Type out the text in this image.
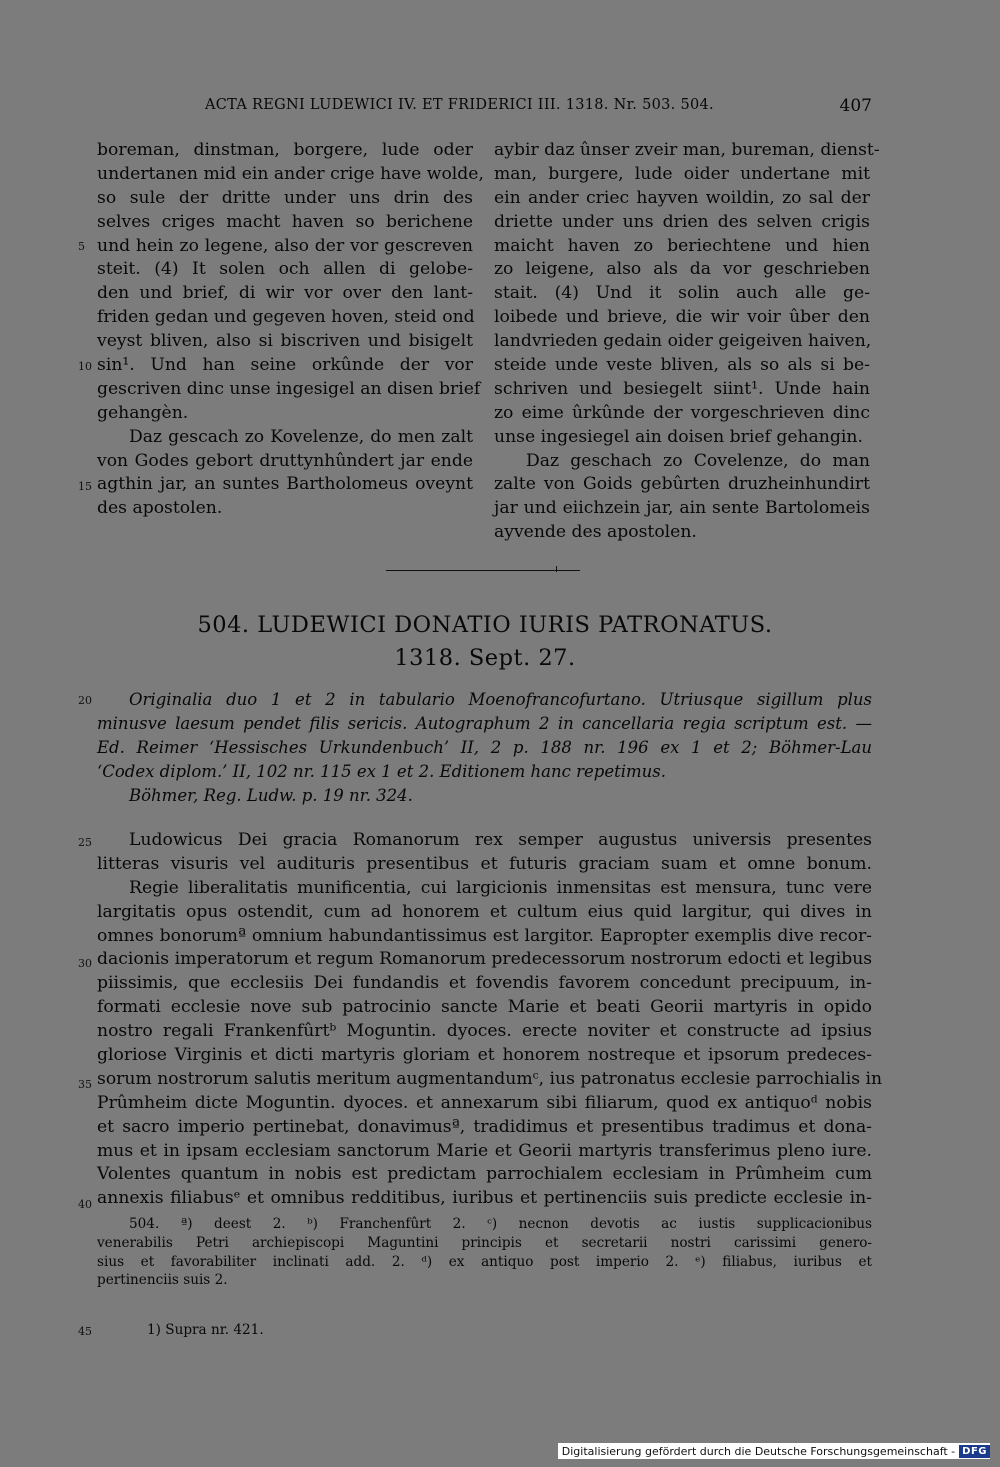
ACTA REGNI LUDEWICI IV. ET FRIDERICI III. 1318. Nr. 503. 504.	407
boreman, dinstman, borgere, lude oder
undertanen mid ein ander crige have wolde,
so sule der dritte under uns drin des
selves criges macht haven so berichene
und hein zo legene, also der vor gescreven
steit. (4) It solen och allen di gelobe-
den und brief, di wir vor over den lant-
friden gedan und gegeven hoven, steid ond
veyst bliven, also si biscriven und bisigelt
sin¹. Und han seine orkûnde der vor
gescriven dinc unse ingesigel an disen brief
gehangèn.
Daz gescach zo Kovelenze, do men zalt
von Godes gebort druttynhûndert jar ende
agthin jar, an suntes Bartholomeus oveynt
des apostolen.
aybir daz ûnser zveir man, bureman, dienst-
man, burgere, lude oider undertane mit
ein ander criec hayven woildin, zo sal der
driette under uns drien des selven crigis
maicht haven zo beriechtene und hien
zo leigene, also als da vor geschrieben
stait. (4) Und it solin auch alle ge-
loibede und brieve, die wir voir ûber den
landvrieden gedain oider geigeiven haiven,
steide unde veste bliven, als so als si be-
schriven und besiegelt siint¹. Unde hain
zo eime ûrkûnde der vorgeschrieven dinc
unse ingesiegel ain doisen brief gehangin.
Daz geschach zo Covelenze, do man
zalte von Goids gebûrten druzheinhundirt
jar und eiichzein jar, ain sente Bartolomeis
ayvende des apostolen.
5
10
15
504. LUDEWICI DONATIO IURIS PATRONATUS.
1318. Sept. 27.
Originalia duo 1 et 2 in tabulario Moenofrancofurtano. Utriusque sigillum plus
minusve laesum pendet filis sericis. Autographum 2 in cancellaria regia scriptum est. —
Ed. Reimer ‘Hessisches Urkundenbuch’ II, 2 p. 188 nr. 196 ex 1 et 2; Böhmer-Lau
‘Codex diplom.’ II, 102 nr. 115 ex 1 et 2. Editionem hanc repetimus.
Böhmer, Reg. Ludw. p. 19 nr. 324.
Ludowicus Dei gracia Romanorum rex semper augustus universis presentes
litteras visuris vel audituris presentibus et futuris graciam suam et omne bonum.
Regie liberalitatis munificentia, cui largicionis inmensitas est mensura, tunc vere
largitatis opus ostendit, cum ad honorem et cultum eius quid largitur, qui dives in
omnes bonorumª omnium habundantissimus est largitor. Eapropter exemplis dive recor-
dacionis imperatorum et regum Romanorum predecessorum nostrorum edocti et legibus
piissimis, que ecclesiis Dei fundandis et fovendis favorem concedunt precipuum, in-
formati ecclesie nove sub patrocinio sancte Marie et beati Georii martyris in opido
nostro regali Frankenfûrtᵇ Moguntin. dyoces. erecte noviter et constructe ad ipsius
gloriose Virginis et dicti martyris gloriam et honorem nostreque et ipsorum predeces-
sorum nostrorum salutis meritum augmentandumᶜ, ius patronatus ecclesie parrochialis in
Prûmheim dicte Moguntin. dyoces. et annexarum sibi filiarum, quod ex antiquoᵈ nobis
et sacro imperio pertinebat, donavimusª, tradidimus et presentibus tradimus et dona-
mus et in ipsam ecclesiam sanctorum Marie et Georii martyris transferimus pleno iure.
Volentes quantum in nobis est predictam parrochialem ecclesiam in Prûmheim cum
annexis filiabusᵉ et omnibus redditibus, iuribus et pertinenciis suis predicte ecclesie in-
20
25
30
35
40
45
504. ª) deest 2. ᵇ) Franchenfûrt 2. ᶜ) necnon devotis ac iustis supplicacionibus
venerabilis Petri archiepiscopi Maguntini principis et secretarii nostri carissimi genero-
sius et favorabiliter inclinati add. 2. ᵈ) ex antiquo post imperio 2. ᵉ) filiabus, iuribus et
pertinenciis suis 2.
1) Supra nr. 421.
Digitalisierung gefördert durch die Deutsche Forschungsgemeinschaft - DFG
